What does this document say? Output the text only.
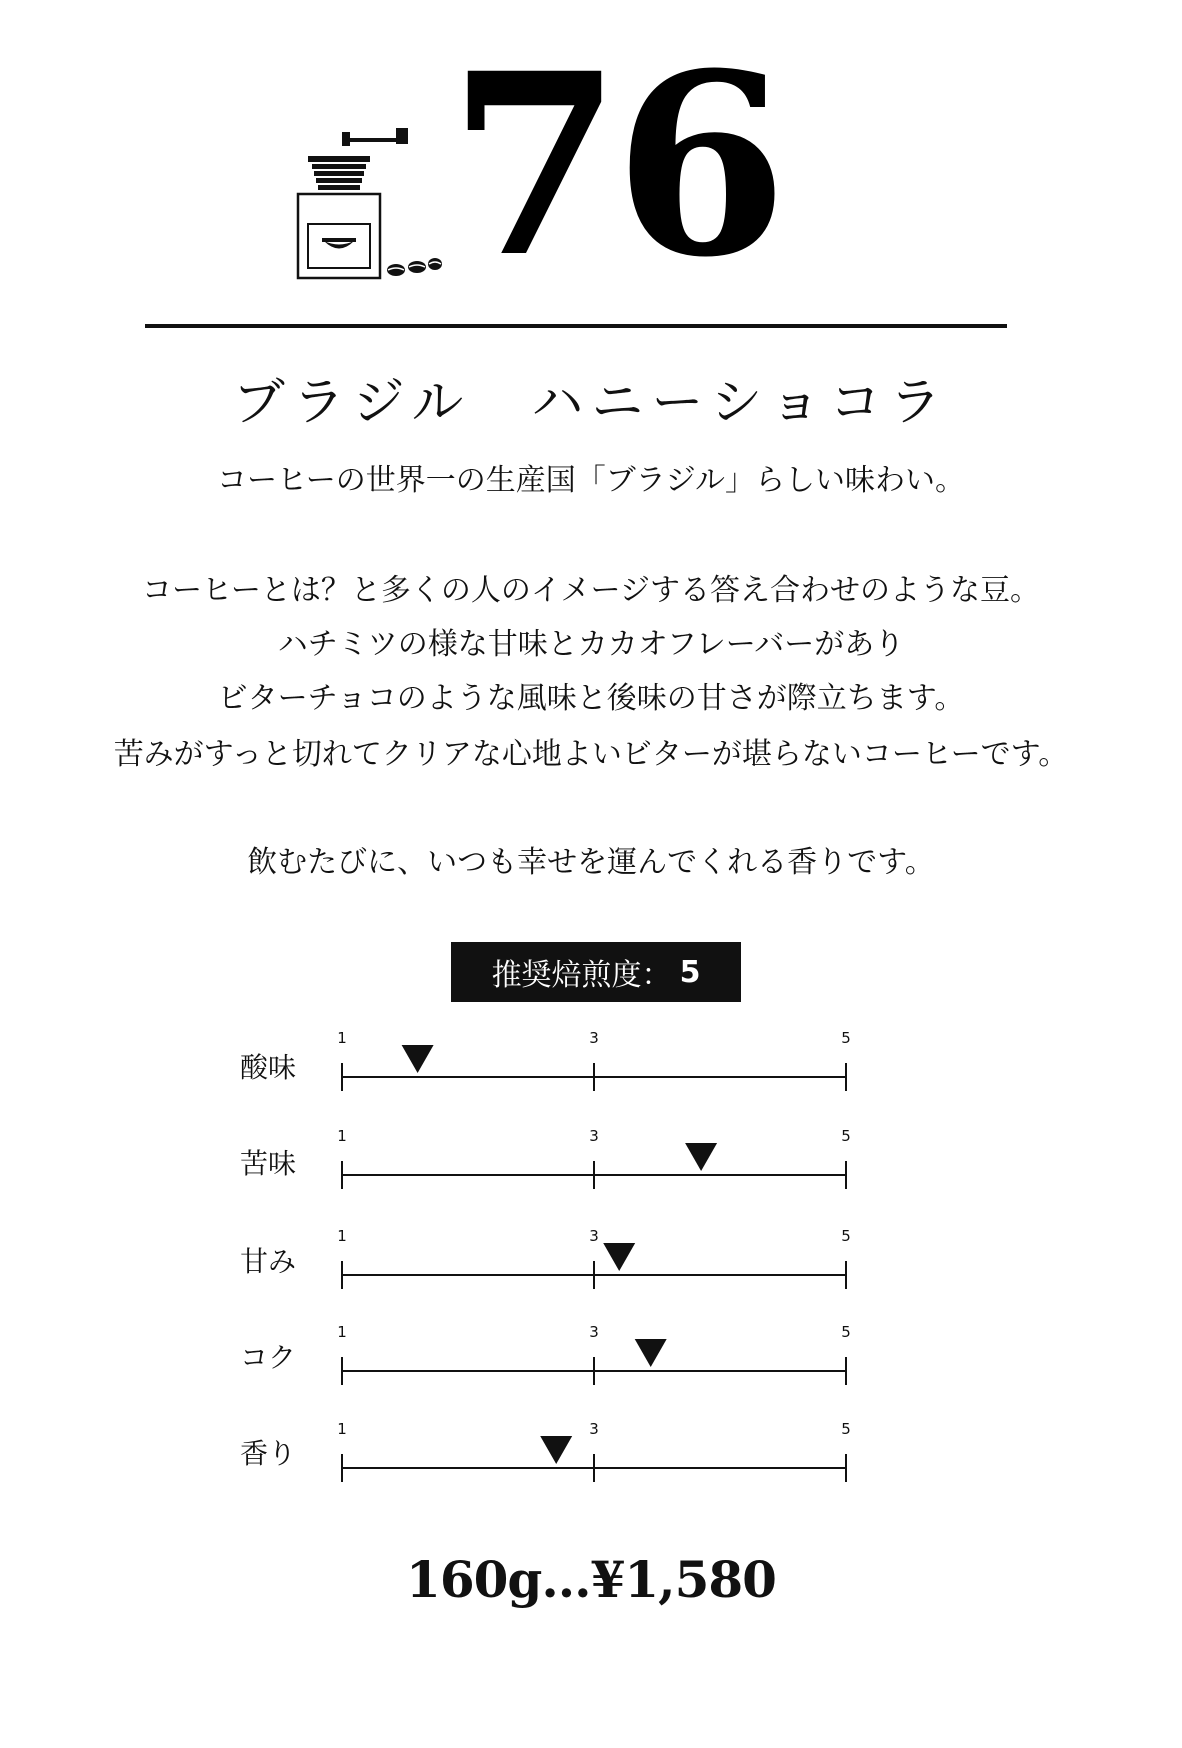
76
ブラジル　ハニーショコラ
コーヒーの世界一の生産国「ブラジル」らしい味わい。
コーヒーとは？と多くの人のイメージする答え合わせのような豆。
ハチミツの様な甘味とカカオフレーバーがあり
ビターチョコのような風味と後味の甘さが際立ちます。
苦みがすっと切れてクリアな心地よいビターが堪らないコーヒーです。
飲むたびに、いつも幸せを運んでくれる香りです。
推奨焙煎度： 5
酸味
苦味
甘み
コク
香り
1	3	5
1	3	5
1	3	5
1	3	5
1	3	5
160g...¥1,580
